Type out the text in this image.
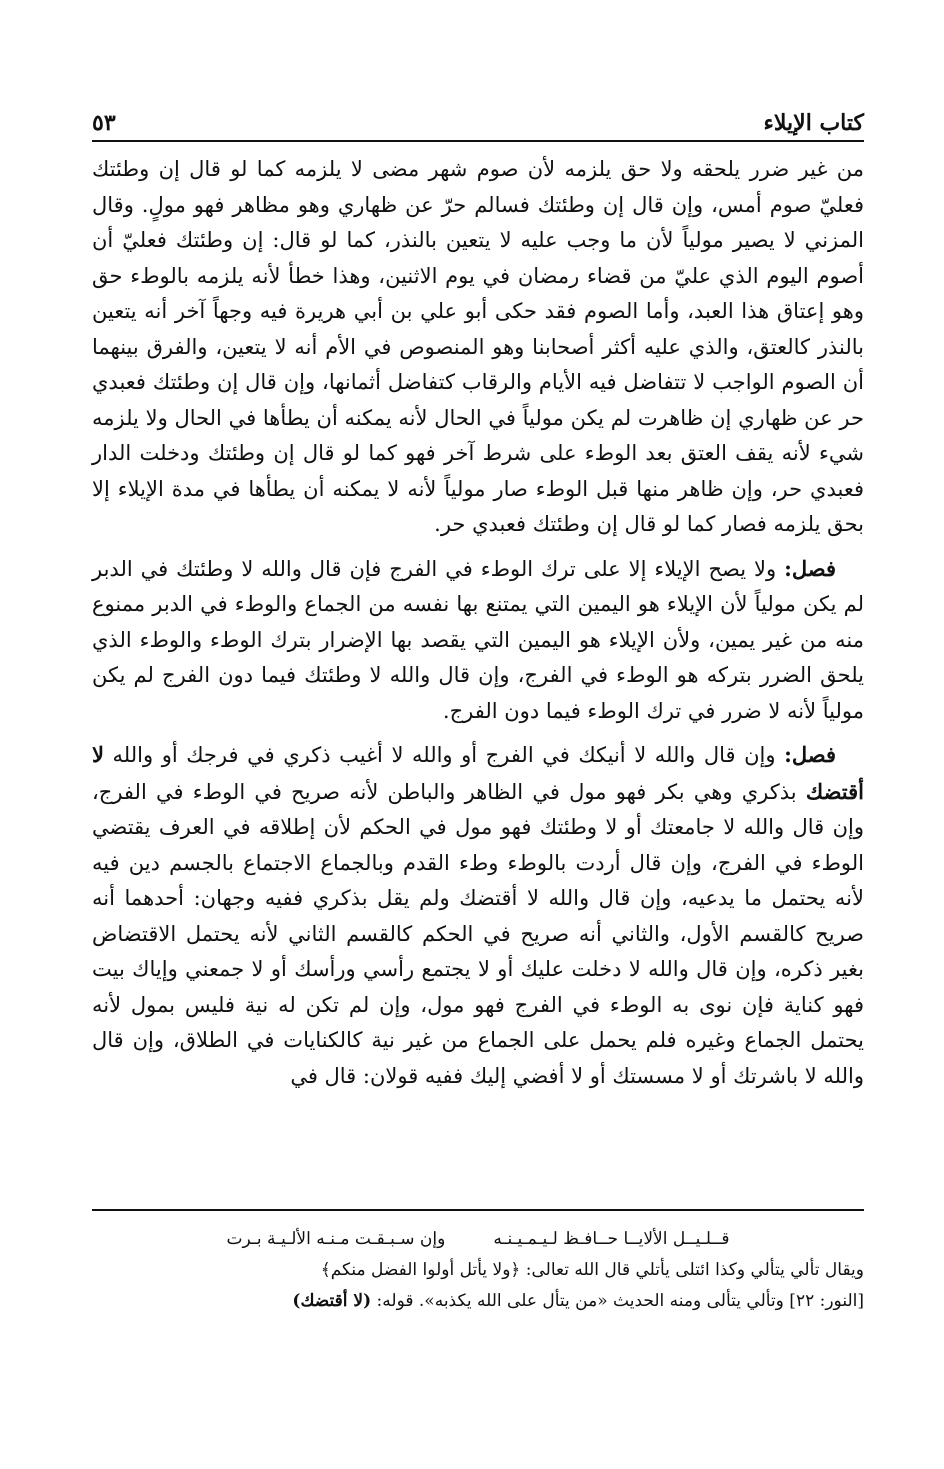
كتاب الإيلاء
٥٣

من غير ضرر يلحقه ولا حق يلزمه لأن صوم شهر مضى لا يلزمه كما لو قال إن وطئتك فعليّ صوم أمس، وإن قال إن وطئتك فسالم حرّ عن ظهاري وهو مظاهر فهو مولٍ. وقال المزني لا يصير مولياً لأن ما وجب عليه لا يتعين بالنذر، كما لو قال: إن وطئتك فعليّ أن أصوم اليوم الذي عليّ من قضاء رمضان في يوم الاثنين، وهذا خطأ لأنه يلزمه بالوطء حق وهو إعتاق هذا العبد، وأما الصوم فقد حكى أبو علي بن أبي هريرة فيه وجهاً آخر أنه يتعين بالنذر كالعتق، والذي عليه أكثر أصحابنا وهو المنصوص في الأم أنه لا يتعين، والفرق بينهما أن الصوم الواجب لا تتفاضل فيه الأيام والرقاب كتفاضل أثمانها، وإن قال إن وطئتك فعبدي حر عن ظهاري إن ظاهرت لم يكن مولياً في الحال لأنه يمكنه أن يطأها في الحال ولا يلزمه شيء لأنه يقف العتق بعد الوطء على شرط آخر فهو كما لو قال إن وطئتك ودخلت الدار فعبدي حر، وإن ظاهر منها قبل الوطء صار مولياً لأنه لا يمكنه أن يطأها في مدة الإيلاء إلا بحق يلزمه فصار كما لو قال إن وطئتك فعبدي حر.

فصل: ولا يصح الإيلاء إلا على ترك الوطء في الفرج فإن قال والله لا وطئتك في الدبر لم يكن مولياً لأن الإيلاء هو اليمين التي يمتنع بها نفسه من الجماع والوطء في الدبر ممنوع منه من غير يمين، ولأن الإيلاء هو اليمين التي يقصد بها الإضرار بترك الوطء والوطء الذي يلحق الضرر بتركه هو الوطء في الفرج، وإن قال والله لا وطئتك فيما دون الفرج لم يكن مولياً لأنه لا ضرر في ترك الوطء فيما دون الفرج.

فصل: وإن قال والله لا أنيكك في الفرج أو والله لا أغيب ذكري في فرجك أو والله لا أقتضك بذكري وهي بكر فهو مول في الظاهر والباطن لأنه صريح في الوطء في الفرج، وإن قال والله لا جامعتك أو لا وطئتك فهو مول في الحكم لأن إطلاقه في العرف يقتضي الوطء في الفرج، وإن قال أردت بالوطء وطء القدم وبالجماع الاجتماع بالجسم دين فيه لأنه يحتمل ما يدعيه، وإن قال والله لا أقتضك ولم يقل بذكري ففيه وجهان: أحدهما أنه صريح كالقسم الأول، والثاني أنه صريح في الحكم كالقسم الثاني لأنه يحتمل الاقتضاض بغير ذكره، وإن قال والله لا دخلت عليك أو لا يجتمع رأسي ورأسك أو لا جمعني وإياك بيت فهو كناية فإن نوى به الوطء في الفرج فهو مول، وإن لم تكن له نية فليس بمول لأنه يحتمل الجماع وغيره فلم يحمل على الجماع من غير نية كالكنايات في الطلاق، وإن قال والله لا باشرتك أو لا مسستك أو لا أفضي إليك ففيه قولان: قال في

قــلـيــل الألايــا حــافـظ لـيـمـيـنـه
وإن سـبـقـت مـنـه الألـيـة بـرت

ويقال تألي يتألي وكذا ائتلى يأتلي قال الله تعالى: ﴿ولا يأتل أولوا الفضل منكم﴾

[النور: ٢٢] وتألي يتألى ومنه الحديث «من يتأل على الله يكذبه». قوله: (لا أقتضك)
